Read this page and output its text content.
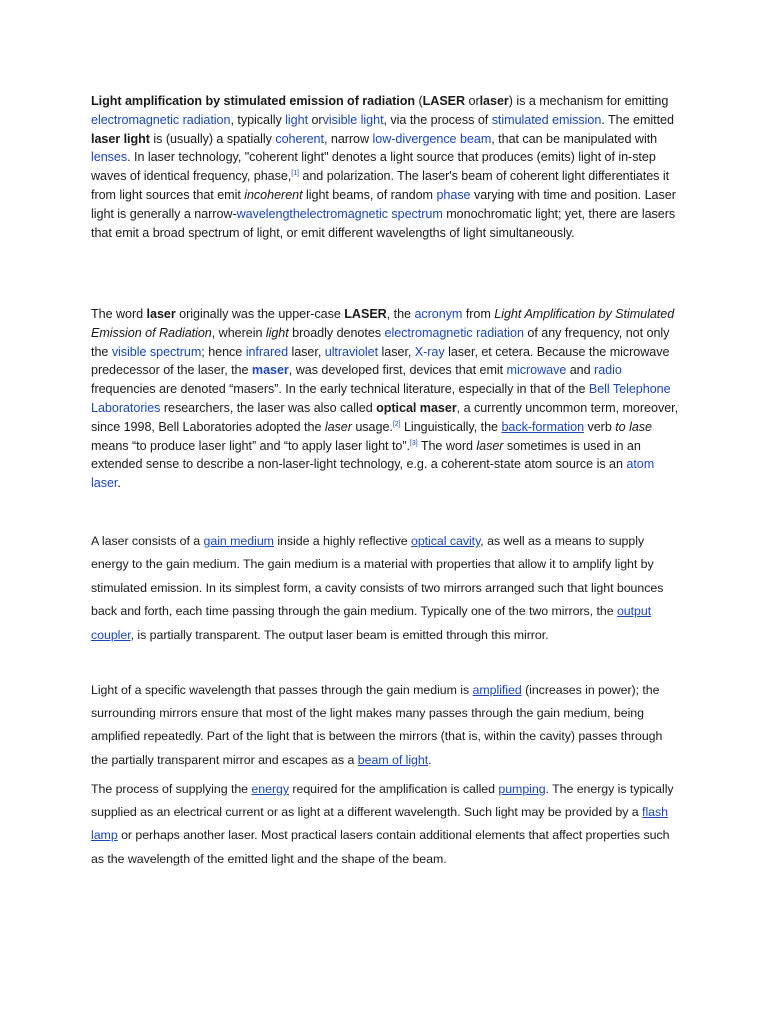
Light amplification by stimulated emission of radiation (LASER orlaser) is a mechanism for emitting electromagnetic radiation, typically light orvisible light, via the process of stimulated emission. The emitted laser light is (usually) a spatially coherent, narrow low-divergence beam, that can be manipulated with lenses. In laser technology, "coherent light" denotes a light source that produces (emits) light of in-step waves of identical frequency, phase,[1] and polarization. The laser's beam of coherent light differentiates it from light sources that emit incoherent light beams, of random phase varying with time and position. Laser light is generally a narrow-wavelengthelectromagnetic spectrum monochromatic light; yet, there are lasers that emit a broad spectrum of light, or emit different wavelengths of light simultaneously.

The word laser originally was the upper-case LASER, the acronym from Light Amplification by Stimulated Emission of Radiation, wherein light broadly denotes electromagnetic radiation of any frequency, not only the visible spectrum; hence infrared laser, ultraviolet laser, X-ray laser, et cetera. Because the microwave predecessor of the laser, the maser, was developed first, devices that emit microwave and radio frequencies are denoted “masers”. In the early technical literature, especially in that of the Bell Telephone Laboratories researchers, the laser was also called optical maser, a currently uncommon term, moreover, since 1998, Bell Laboratories adopted the laser usage.[2] Linguistically, the back-formation verb to lase means “to produce laser light” and “to apply laser light to”.[3] The word laser sometimes is used in an extended sense to describe a non-laser-light technology, e.g. a coherent-state atom source is an atom laser.

A laser consists of a gain medium inside a highly reflective optical cavity, as well as a means to supply energy to the gain medium. The gain medium is a material with properties that allow it to amplify light by stimulated emission. In its simplest form, a cavity consists of two mirrors arranged such that light bounces back and forth, each time passing through the gain medium. Typically one of the two mirrors, the output coupler, is partially transparent. The output laser beam is emitted through this mirror.

Light of a specific wavelength that passes through the gain medium is amplified (increases in power); the surrounding mirrors ensure that most of the light makes many passes through the gain medium, being amplified repeatedly. Part of the light that is between the mirrors (that is, within the cavity) passes through the partially transparent mirror and escapes as a beam of light.

The process of supplying the energy required for the amplification is called pumping. The energy is typically supplied as an electrical current or as light at a different wavelength. Such light may be provided by a flash lamp or perhaps another laser. Most practical lasers contain additional elements that affect properties such as the wavelength of the emitted light and the shape of the beam.
